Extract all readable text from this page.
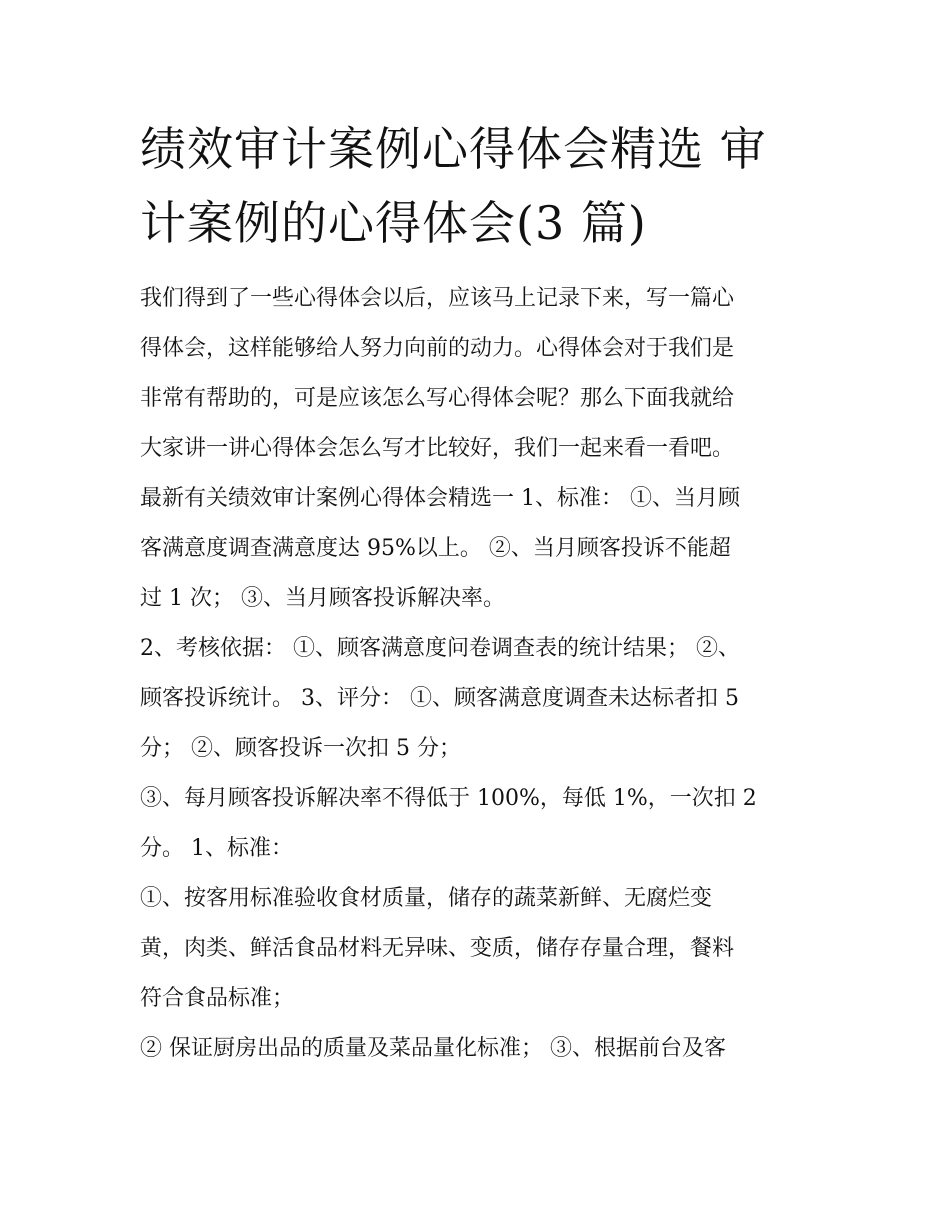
绩效审计案例心得体会精选 审
计案例的心得体会(3 篇)
我们得到了一些心得体会以后，应该马上记录下来，写一篇心
得体会，这样能够给人努力向前的动力。心得体会对于我们是
非常有帮助的，可是应该怎么写心得体会呢？那么下面我就给
大家讲一讲心得体会怎么写才比较好，我们一起来看一看吧。
最新有关绩效审计案例心得体会精选一 1、标准： ①、当月顾
客满意度调查满意度达 95%以上。 ②、当月顾客投诉不能超
过 1 次； ③、当月顾客投诉解决率。
2、考核依据： ①、顾客满意度问卷调查表的统计结果； ②、
顾客投诉统计。 3、评分： ①、顾客满意度调查未达标者扣 5
分； ②、顾客投诉一次扣 5 分；
③、每月顾客投诉解决率不得低于 100%，每低 1%，一次扣 2
分。 1、标准：
①、按客用标准验收食材质量，储存的蔬菜新鲜、无腐烂变
黄，肉类、鲜活食品材料无异味、变质，储存存量合理，餐料
符合食品标准；
② 保证厨房出品的质量及菜品量化标准； ③、根据前台及客
